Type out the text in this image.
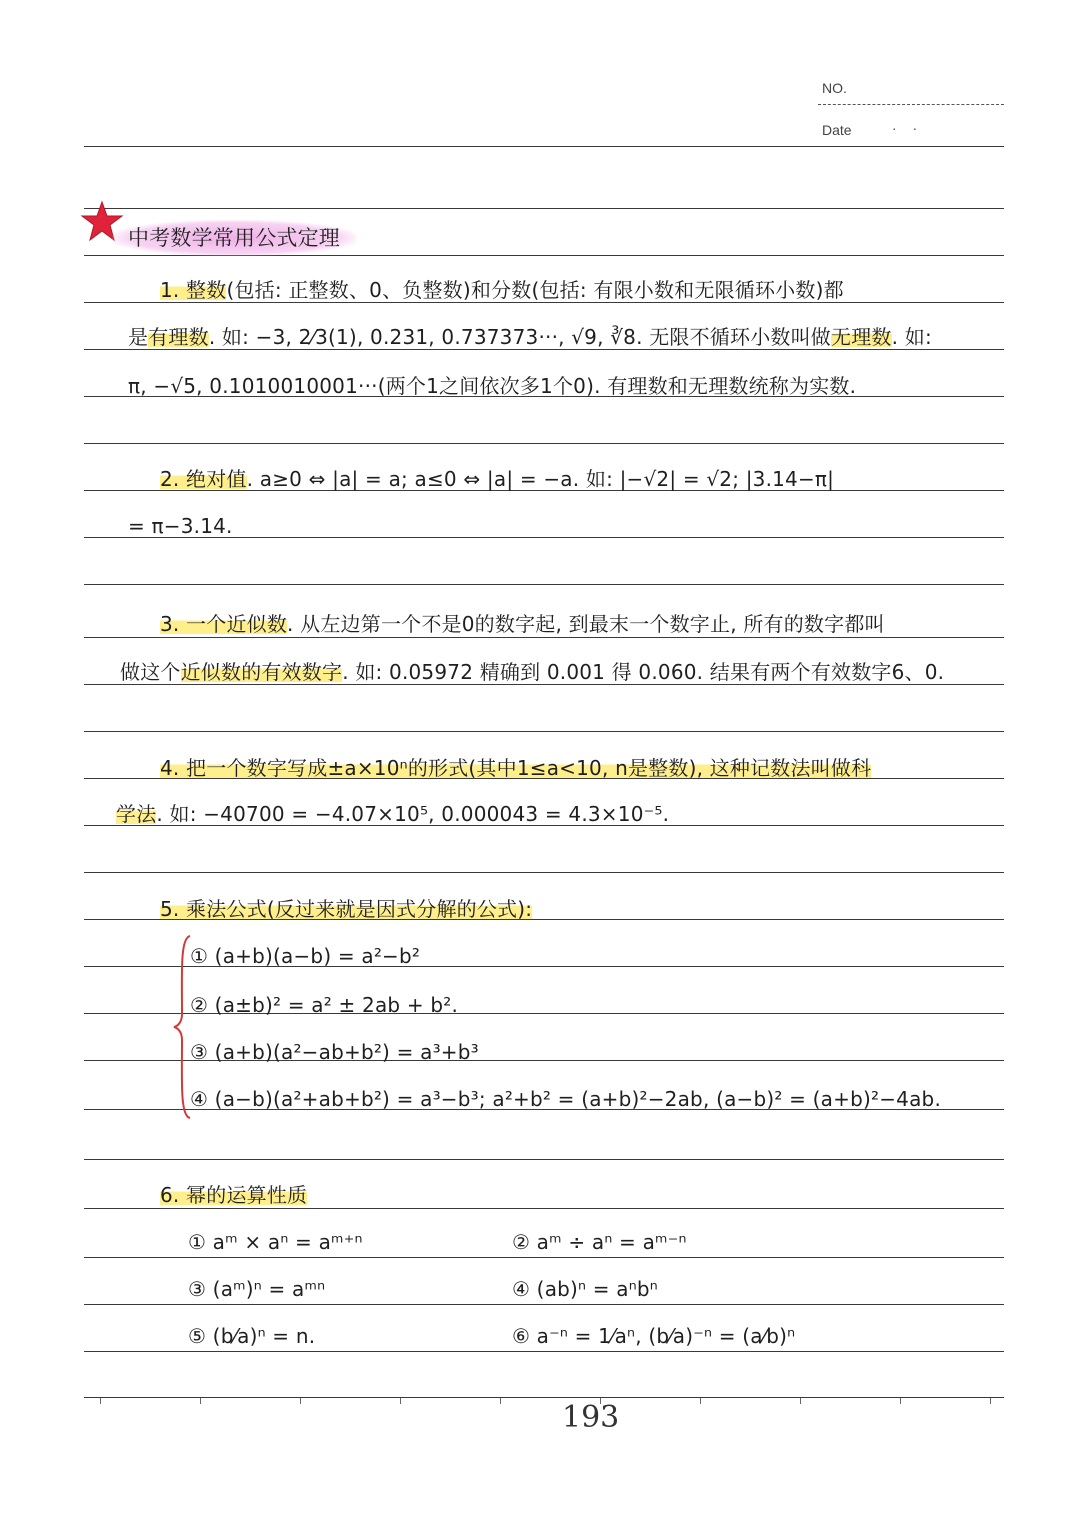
NO.
Date	· ·
中考数学常用公式定理
1. 整数(包括: 正整数、0、负整数)和分数(包括: 有限小数和无限循环小数)都
是有理数. 如: −3, 2⁄3(1), 0.231, 0.737373···, √9, ∛8. 无限不循环小数叫做无理数. 如:
π, −√5, 0.1010010001···(两个1之间依次多1个0). 有理数和无理数统称为实数.
2. 绝对值. a≥0 ⇔ |a| = a; a≤0 ⇔ |a| = −a. 如: |−√2| = √2; |3.14−π|
= π−3.14.
3. 一个近似数. 从左边第一个不是0的数字起, 到最末一个数字止, 所有的数字都叫
做这个近似数的有效数字. 如: 0.05972 精确到 0.001 得 0.060. 结果有两个有效数字6、0.
4. 把一个数字写成±a×10ⁿ的形式(其中1≤a<10, n是整数), 这种记数法叫做科
学法. 如: −40700 = −4.07×10⁵, 0.000043 = 4.3×10⁻⁵.
5. 乘法公式(反过来就是因式分解的公式):
① (a+b)(a−b) = a²−b²
② (a±b)² = a² ± 2ab + b².
③ (a+b)(a²−ab+b²) = a³+b³
④ (a−b)(a²+ab+b²) = a³−b³; a²+b² = (a+b)²−2ab, (a−b)² = (a+b)²−4ab.
6. 幂的运算性质
① aᵐ × aⁿ = aᵐ⁺ⁿ	② aᵐ ÷ aⁿ = aᵐ⁻ⁿ
③ (aᵐ)ⁿ = aᵐⁿ	④ (ab)ⁿ = aⁿbⁿ
⑤ (b⁄a)ⁿ = n.	⑥ a⁻ⁿ = 1⁄aⁿ, (b⁄a)⁻ⁿ = (a⁄b)ⁿ
193
